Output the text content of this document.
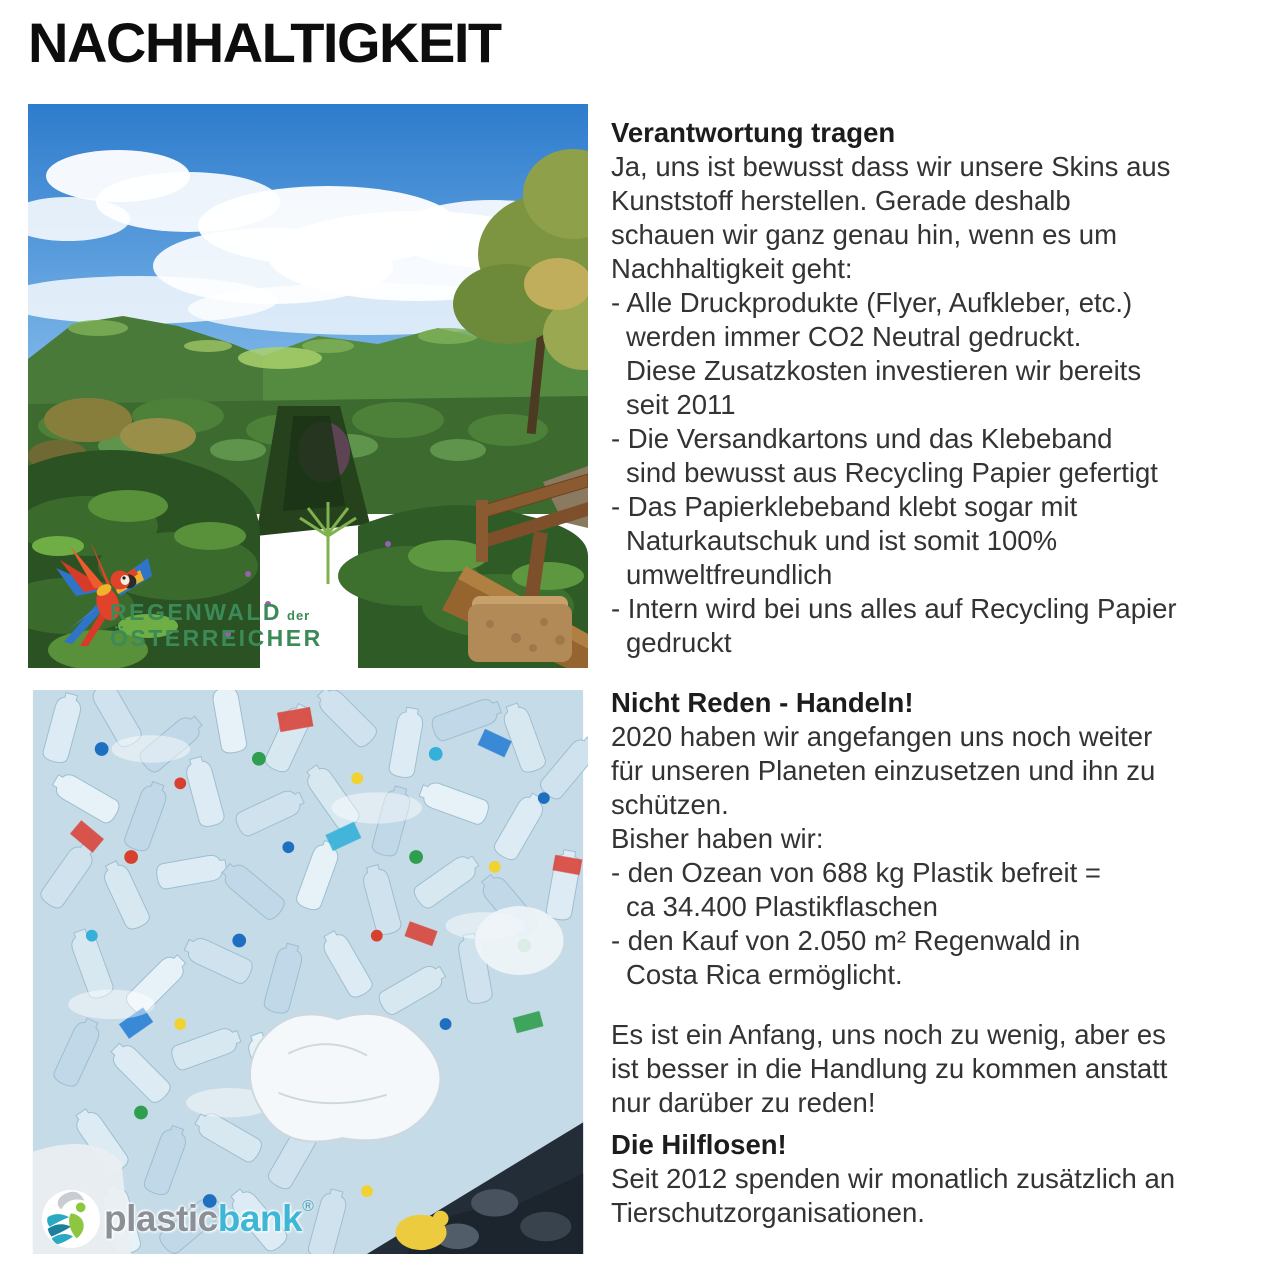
NACHHALTIGKEIT
REGENWALD der
ÖSTERREICHER
plasticbank®
Verantwortung tragen
Ja, uns ist bewusst dass wir unsere Skins aus
Kunststoff herstellen. Gerade deshalb
schauen wir ganz genau hin, wenn es um
Nachhaltigkeit geht:
- Alle Druckprodukte (Flyer, Aufkleber, etc.)
werden immer CO2 Neutral gedruckt.
Diese Zusatzkosten investieren wir bereits
seit 2011
- Die Versandkartons und das Klebeband
sind bewusst aus Recycling Papier gefertigt
- Das Papierklebeband klebt sogar mit
Naturkautschuk und ist somit 100%
umweltfreundlich
- Intern wird bei uns alles auf Recycling Papier
gedruckt
Nicht Reden - Handeln!
2020 haben wir angefangen uns noch weiter
für unseren Planeten einzusetzen und ihn zu
schützen.
Bisher haben wir:
- den Ozean von 688 kg Plastik befreit =
ca 34.400 Plastikflaschen
- den Kauf von 2.050 m² Regenwald in
Costa Rica ermöglicht.
Es ist ein Anfang, uns noch zu wenig, aber es
ist besser in die Handlung zu kommen anstatt
nur darüber zu reden!
Die Hilflosen!
Seit 2012 spenden wir monatlich zusätzlich an
Tierschutzorganisationen.
